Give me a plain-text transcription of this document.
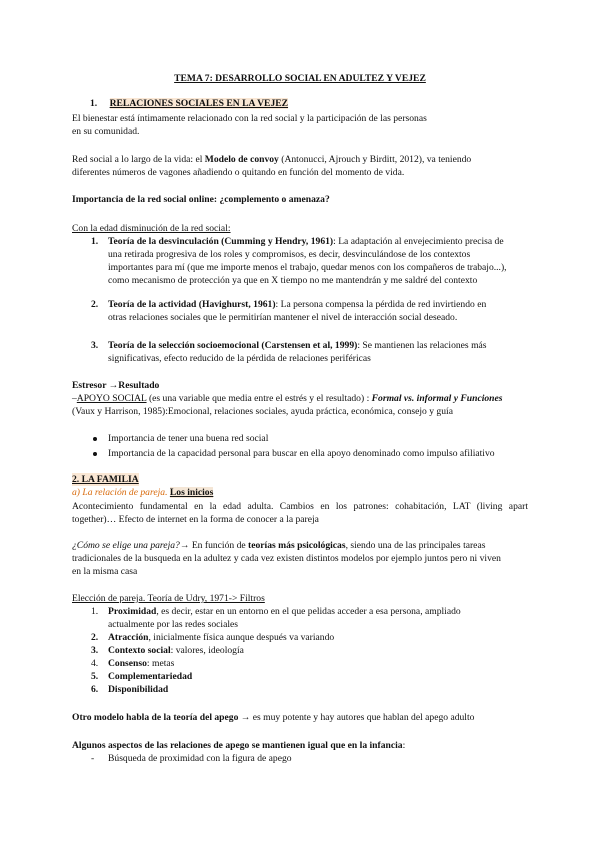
TEMA 7: DESARROLLO SOCIAL EN ADULTEZ Y VEJEZ
1. RELACIONES SOCIALES EN LA VEJEZ
El bienestar está íntimamente relacionado con la red social y la participación de las personas
en su comunidad.
Red social a lo largo de la vida: el Modelo de convoy (Antonucci, Ajrouch y Birditt, 2012), va teniendo
diferentes números de vagones añadiendo o quitando en función del momento de vida.
Importancia de la red social online: ¿complemento o amenaza?
Con la edad disminución de la red social:
1. Teoría de la desvinculación (Cumming y Hendry, 1961): La adaptación al envejecimiento precisa de
una retirada progresiva de los roles y compromisos, es decir, desvinculándose de los contextos
importantes para mí (que me importe menos el trabajo, quedar menos con los compañeros de trabajo...),
como mecanismo de protección ya que en X tiempo no me mantendrán y me saldré del contexto
2. Teoría de la actividad (Havighurst, 1961): La persona compensa la pérdida de red invirtiendo en
otras relaciones sociales que le permitirían mantener el nivel de interacción social deseado.
3. Teoría de la selección socioemocional (Carstensen et al, 1999): Se mantienen las relaciones más
significativas, efecto reducido de la pérdida de relaciones periféricas
Estresor →Resultado
–APOYO SOCIAL (es una variable que media entre el estrés y el resultado) : Formal vs. informal y Funciones
(Vaux y Harrison, 1985):Emocional, relaciones sociales, ayuda práctica, económica, consejo y guía
Importancia de tener una buena red social
Importancia de la capacidad personal para buscar en ella apoyo denominado como impulso afiliativo
2. LA FAMILIA
a) La relación de pareja. Los inicios
Acontecimiento fundamental en la edad adulta. Cambios en los patrones: cohabitación, LAT (living apart
together)… Efecto de internet en la forma de conocer a la pareja
¿Cómo se elige una pareja?→ En función de teorías más psicológicas, siendo una de las principales tareas
tradicionales de la busqueda en la adultez y cada vez existen distintos modelos por ejemplo juntos pero ni viven
en la misma casa
Elección de pareja. Teoría de Udry, 1971-> Filtros
1. Proximidad, es decir, estar en un entorno en el que pelidas acceder a esa persona, ampliado
actualmente por las redes sociales
2. Atracción, inicialmente física aunque después va variando
3. Contexto social: valores, ideología
4. Consenso: metas
5. Complementariedad
6. Disponibilidad
Otro modelo habla de la teoría del apego → es muy potente y hay autores que hablan del apego adulto
Algunos aspectos de las relaciones de apego se mantienen igual que en la infancia:
- Búsqueda de proximidad con la figura de apego
